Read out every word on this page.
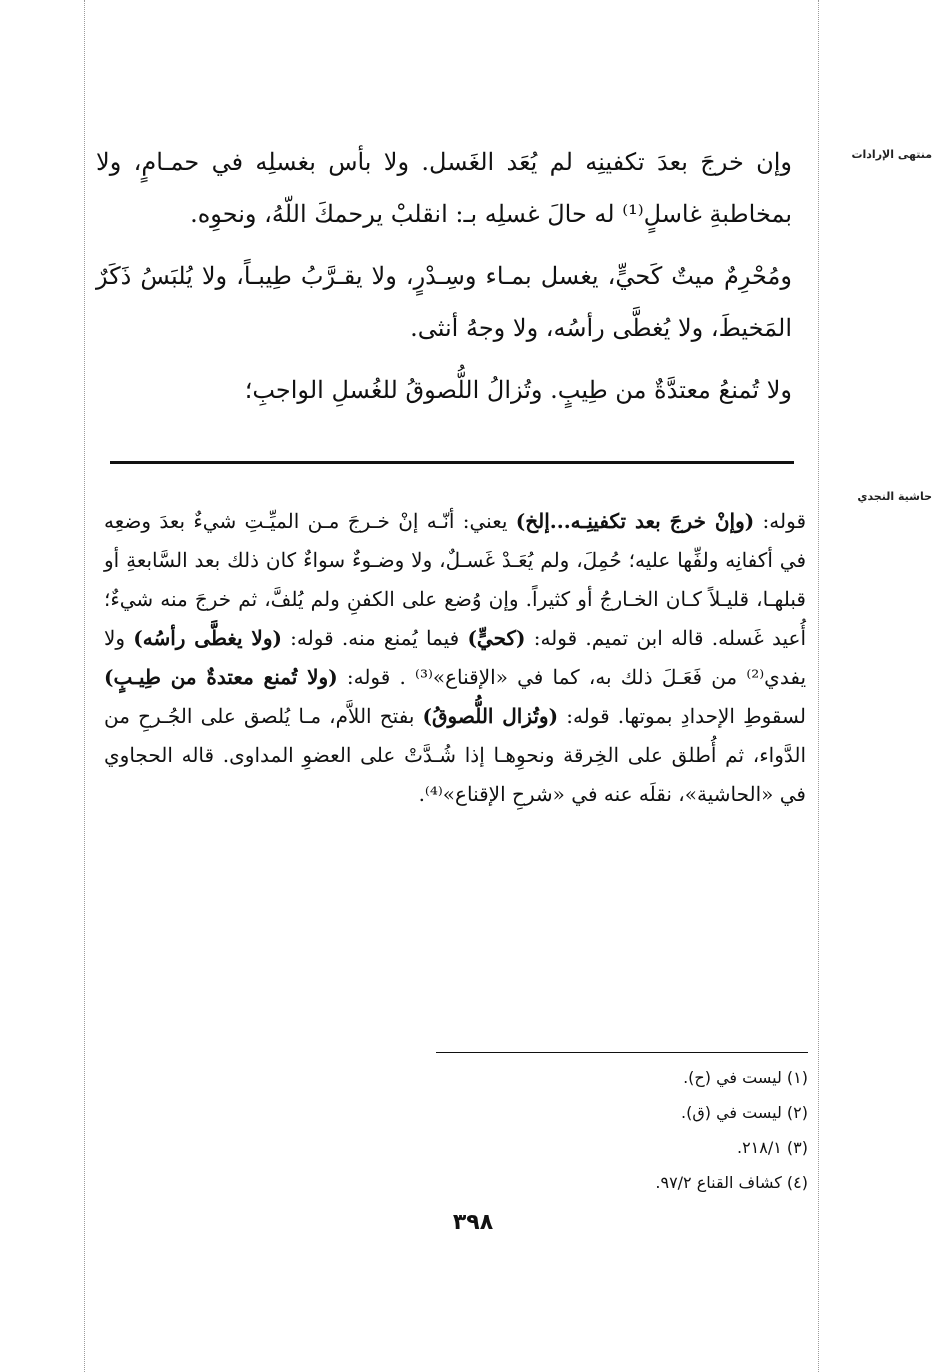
منتهى الإرادات
حاشية النجدي

وإن خرجَ بعدَ تكفينِه لم يُعَد الغَسل. ولا بأس بغسلِه في حمـامٍ، ولا بمخاطبةِ غاسلٍ⁽¹⁾ له حالَ غسلِه بـ: انقلبْ يرحمكَ اللّهُ، ونحوِه.

ومُحْرِمٌ ميتٌ كَحيٍّ، يغسل بمـاء وسِـدْرٍ، ولا يقـرَّبُ طِيبـاً، ولا يُلبَسُ ذَكَرٌ المَخيطَ، ولا يُغطَّى رأسُه، ولا وجهُ أنثى.

ولا تُمنعُ معتدَّةٌ من طِيبٍ. وتُزالُ اللُّصوقُ للغُسلِ الواجبِ؛

قوله: (وإنْ خرجَ بعد تكفينِـه...إلخ) يعني: أنّـه إنْ خـرجَ مـن الميِّـتِ شيءٌ بعدَ وضعِه في أكفانِه ولفِّها عليه؛ حُمِلَ، ولم يُعَـدْ غَسـلٌ، ولا وضـوءٌ سواءٌ كان ذلك بعد السَّابعةِ أو قبلهـا، قليـلاً كـان الخـارجُ أو كثيراً. وإن وُضع على الكفنِ ولم يُلفَّ، ثم خرجَ منه شيءٌ؛ أُعيد غَسله. قاله ابن تميم. قوله: (كحيٍّ) فيما يُمنع منه. قوله: (ولا يغطَّى رأسُه) ولا يفدي⁽²⁾ من فَعَـلَ ذلك به، كما في «الإقناع»⁽³⁾ . قوله: (ولا تُمنع معتدةٌ من طِيـبٍ) لسقوطِ الإحدادِ بموتها. قوله: (وتُزال اللُّصوقُ) بفتح اللاَّم، مـا يُلصق على الجُـرحِ من الدَّواء، ثم أُطلق على الخِرقة ونحوِهـا إذا شُـدَّتْ على العضوِ المداوى. قاله الحجاوي في «الحاشية»، نقلَه عنه في «شرحِ الإقناع»⁽⁴⁾.

(١) ليست في (ح).
(٢) ليست في (ق).
(٣) ٢١٨/١.
(٤) كشاف القناع ٩٧/٢.
٣٩٨
